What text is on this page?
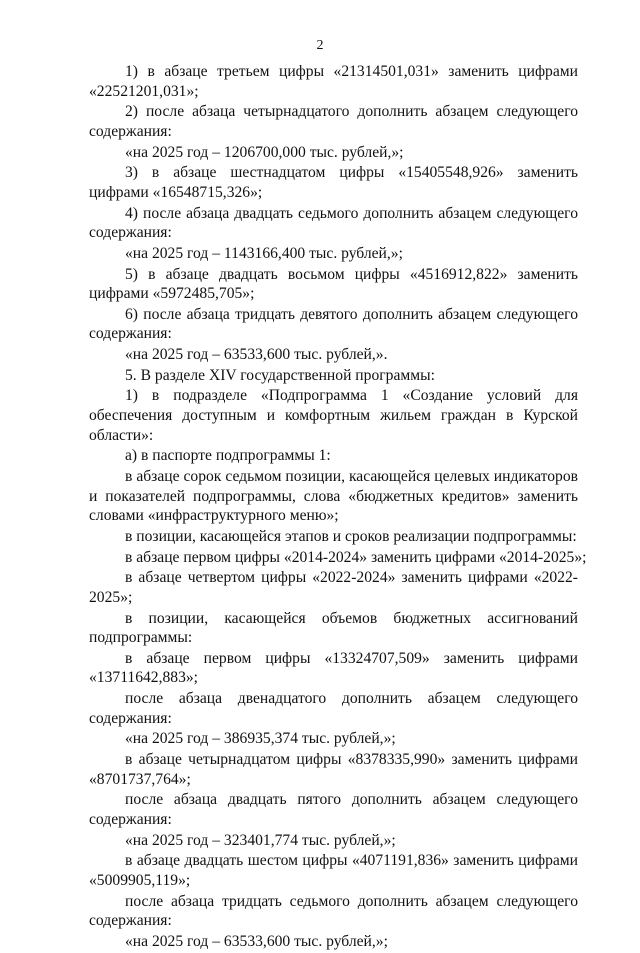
2

1) в абзаце третьем цифры «21314501,031» заменить цифрами «22521201,031»;

2) после абзаца четырнадцатого дополнить абзацем следующего содержания:

«на 2025 год – 1206700,000 тыс. рублей,»;

3) в абзаце шестнадцатом цифры «15405548,926» заменить цифрами «16548715,326»;

4) после абзаца двадцать седьмого дополнить абзацем следующего содержания:

«на 2025 год – 1143166,400 тыс. рублей,»;

5) в абзаце двадцать восьмом цифры «4516912,822» заменить цифрами «5972485,705»;

6) после абзаца тридцать девятого дополнить абзацем следующего содержания:

«на 2025 год – 63533,600 тыс. рублей,».

5. В разделе XIV государственной программы:

1) в подразделе «Подпрограмма 1 «Создание условий для обеспечения доступным и комфортным жильем граждан в Курской области»:

а) в паспорте подпрограммы 1:

в абзаце сорок седьмом позиции, касающейся целевых индикаторов и показателей подпрограммы, слова «бюджетных кредитов» заменить словами «инфраструктурного меню»;

в позиции, касающейся этапов и сроков реализации подпрограммы:

в абзаце первом цифры «2014-2024» заменить цифрами «2014-2025»;

в абзаце четвертом цифры «2022-2024» заменить цифрами «2022-2025»;

в позиции, касающейся объемов бюджетных ассигнований подпрограммы:

в абзаце первом цифры «13324707,509» заменить цифрами «13711642,883»;

после абзаца двенадцатого дополнить абзацем следующего содержания:

«на 2025 год – 386935,374 тыс. рублей,»;

в абзаце четырнадцатом цифры «8378335,990» заменить цифрами «8701737,764»;

после абзаца двадцать пятого дополнить абзацем следующего содержания:

«на 2025 год – 323401,774 тыс. рублей,»;

в абзаце двадцать шестом цифры «4071191,836» заменить цифрами «5009905,119»;

после абзаца тридцать седьмого дополнить абзацем следующего содержания:

«на 2025 год – 63533,600 тыс. рублей,»;
